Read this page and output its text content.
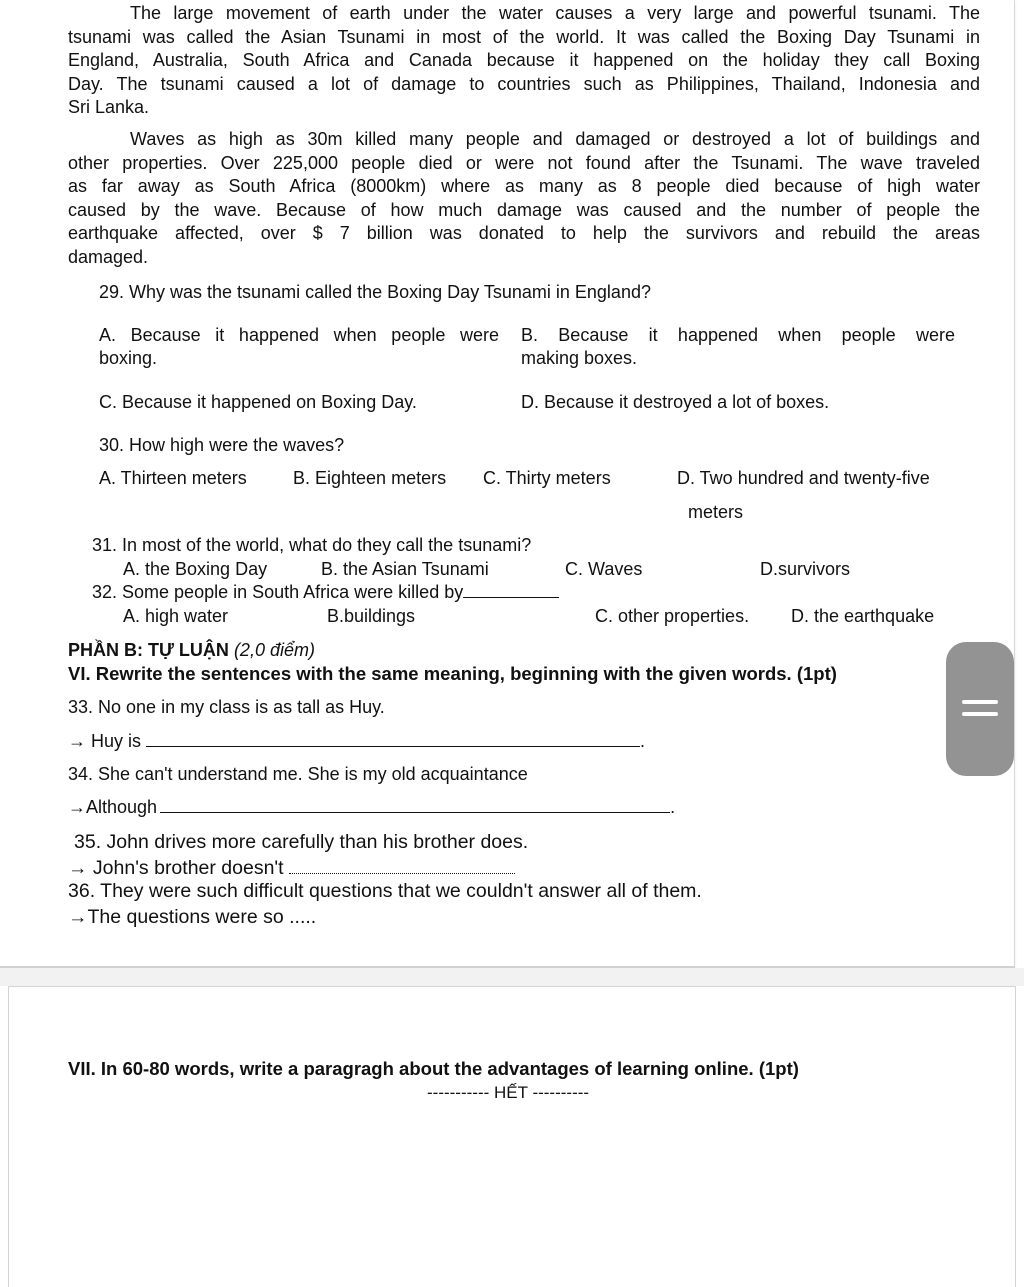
The large movement of earth under the water causes a very large and powerful tsunami. The
tsunami was called the Asian Tsunami in most of the world. It was called the Boxing Day Tsunami in
England, Australia, South Africa and Canada because it happened on the holiday they call Boxing
Day. The tsunami caused a lot of damage to countries such as Philippines, Thailand, Indonesia and
Sri Lanka.
Waves as high as 30m killed many people and damaged or destroyed a lot of buildings and
other properties. Over 225,000 people died or were not found after the Tsunami. The wave traveled
as far away as South Africa (8000km) where as many as 8 people died because of high water
caused by the wave. Because of how much damage was caused and the number of people the
earthquake affected, over $ 7 billion was donated to help the survivors and rebuild the areas
damaged.
29. Why was the tsunami called the Boxing Day Tsunami in England?
A. Because it happened when people were
boxing.
B. Because it happened when people were
making boxes.
C. Because it happened on Boxing Day.	D. Because it destroyed a lot of boxes.
30. How high were the waves?
A. Thirteen meters	B. Eighteen meters C. Thirty meters	D. Two hundred and twenty-five
meters
31. In most of the world, what do they call the tsunami?
A. the Boxing Day	B. the Asian Tsunami	C. Waves	D.survivors
32. Some people in South Africa were killed by
A. high water	B.buildings	C. other properties. D. the earthquake
PHẦN B: TỰ LUẬN (2,0 điểm)
VI. Rewrite the sentences with the same meaning, beginning with the given words. (1pt)
33. No one in my class is as tall as Huy.
→ Huy is	.
34. She can't understand me. She is my old acquaintance
→Although	.
35. John drives more carefully than his brother does.
→ John's brother doesn't
36. They were such difficult questions that we couldn't answer all of them.
→The questions were so .....
VII. In 60-80 words, write a paragragh about the advantages of learning online. (1pt)
----------- HẾT ----------
